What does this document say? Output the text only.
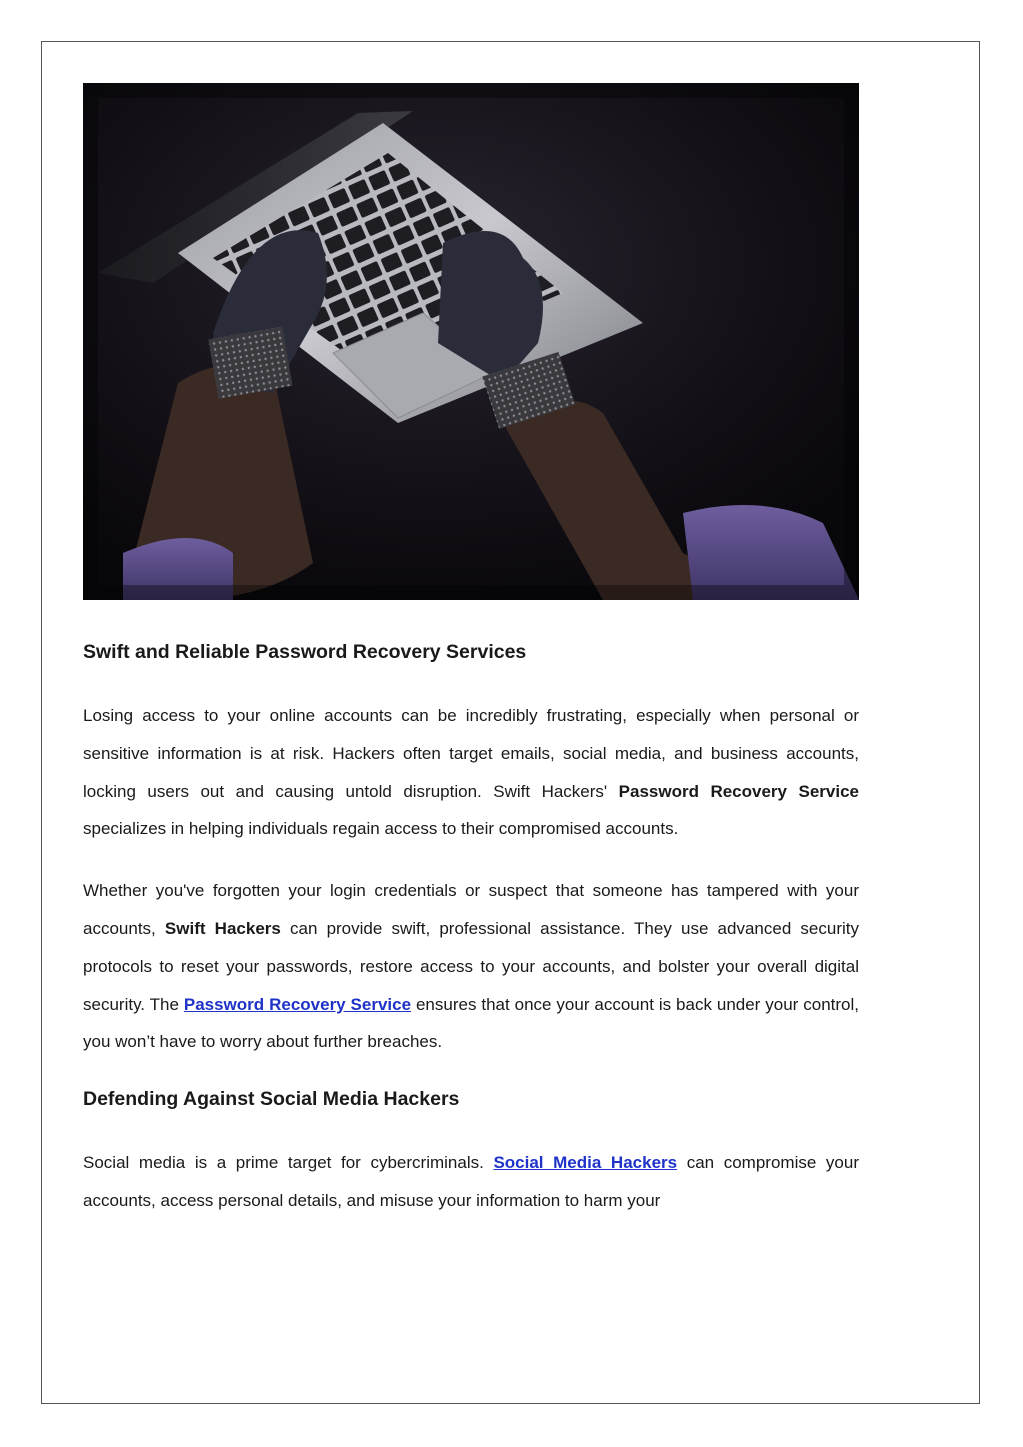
Swift and Reliable Password Recovery Services

Losing access to your online accounts can be incredibly frustrating, especially when personal or sensitive information is at risk. Hackers often target emails, social media, and business accounts, locking users out and causing untold disruption. Swift Hackers' Password Recovery Service specializes in helping individuals regain access to their compromised accounts.

Whether you've forgotten your login credentials or suspect that someone has tampered with your accounts, Swift Hackers can provide swift, professional assistance. They use advanced security protocols to reset your passwords, restore access to your accounts, and bolster your overall digital security. The Password Recovery Service ensures that once your account is back under your control, you won’t have to worry about further breaches.

Defending Against Social Media Hackers

Social media is a prime target for cybercriminals. Social Media Hackers can compromise your accounts, access personal details, and misuse your information to harm your
